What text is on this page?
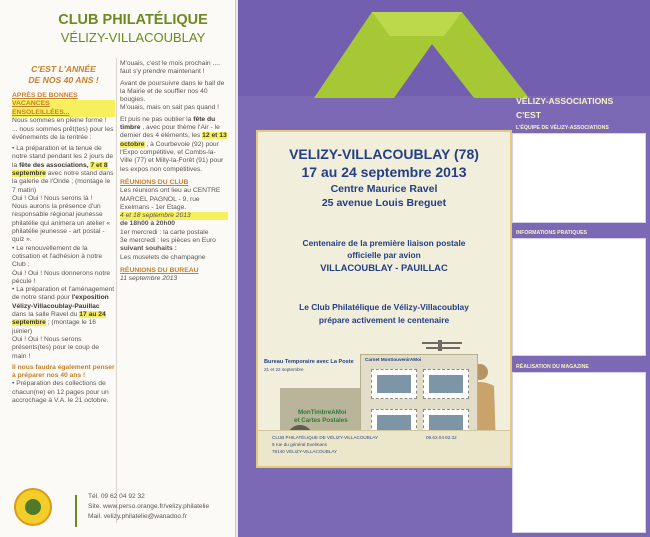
CLUB PHILATÉLIQUE
VÉLIZY-VILLACOUBLAY
C'EST L'ANNÉE
DE NOS 40 ANS !
APRÈS DE BONNES
VACANCES
ENSOLEILLÉES...
Nous sommes en pleine forme !
... nous sommes prêt(tes) pour les événements de la rentrée :
• La préparation et la tenue de notre stand pendant les 2 jours de la fête des associations, 7 et 8 septembre avec notre stand dans la galerie de l'Onde ; (montage le 7 matin)
Oui ! Oui ! Nous serons là !
Nous aurons la présence d'un responsable régional jeunesse philatélie qui animera un atelier « philatélie jeunesse - art postal - quiz ».
• Le renouvellement de la cotisation et l'adhésion à notre Club ;
Oui ! Oui ! Nous donnerons notre pécule !
• La préparation et l'aménagement de notre stand pour l'exposition Vélizy-Villacoublay-Pauillac dans la salle Ravel du 17 au 24 septembre ; (montage le 16 juinier)
Oui ! Oui ! Nous serons présents(tes) pour le coup de main !
Il nous faudra également penser à préparer nos 40 ans !
• Préparation des collections de chacun(ne) en 12 pages pour un accrochage à V.A. le 21 octobre.
M'ouais, c'est le mois prochain .... faut s'y prendre maintenant !
Avant de poursuivre dans le hall de la Mairie et de souffler nos 40 bougies.
M'ouais, mais on sait pas quand !
Et puis ne pas oublier la fête du timbre , avec pour thème l'Air - le dernier des 4 éléments, les 12 et 13 octobre , à Courbevoie (92) pour l'Expo compétitive, et Combs-la-Ville (77) et Milly-la-Forêt (91) pour les expos non compétitives.
RÉUNIONS DU CLUB
Les réunions ont lieu au CENTRE MARCEL PAGNOL - 9, rue Exelmans - 1er Etage.
4 et 18 septembre 2013
de 18h00 à 20h00
1er mercredi : la carte postale
3e mercredi : les pièces en Euro
suivant souhaits :
Les muselets de champagne
RÉUNIONS DU BUREAU
11 septembre 2013
Tél. 09 62 04 92 32
Site. www.perso.orange.fr/velizy.philatelie
Mail. velizy.philatelie@wanadoo.fr
VÉLIZY-ASSOCIATIONS
C'EST
L'ÉQUIPE DE VÉLIZY-ASSOCIATIONS
INFORMATIONS PRATIQUES
RÉALISATION DU MAGAZINE
VELIZY-VILLACOUBLAY (78)
17 au 24 septembre 2013
Centre Maurice Ravel
25 avenue Louis Breguet
Centenaire de la première liaison postale
officielle par avion
VILLACOUBLAY - PAUILLAC
Le Club Philatélique de Vélizy-Villacoublay
prépare activement le centenaire
Carnet MonSouvenirAMoi
Bureau Temporaire avec La Poste
21 et 22 septembre
MonTimbreAMoi
et Cartes Postales
CLUB PHILATÉLIQUE DE VÉLIZY-VILLACOUBLAY
9 rue du général Exelmans
78140 VÉLIZY-VILLACOUBLAY
09.62.04.92.32
